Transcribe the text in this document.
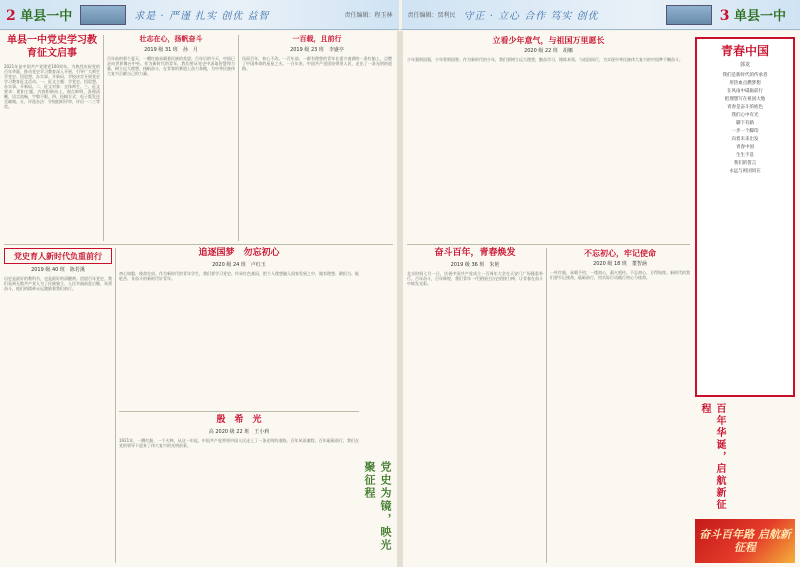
2 单县一中	求是 · 严谨 扎实 创优 益智	责任编辑：程玉林	责任编辑：贾利民 守正 · 立心 合作 笃实 创优	3 单县一中
单县一中党史学习教育征文启事
2021年是中国共产党建党100周年。为热烈庆祝党的百年华诞，推动党史学习教育深入开展，引导广大师生学党史、悟思想、办实事、开新局，学校决定开展党史学习教育征文活动。一、征文主题：学党史、悟思想、办实事、开新局。二、征文对象：全体师生。三、征文要求：紧扣主题，内容积极向上，观点鲜明，条理清晰，语言流畅，字数不限。四、投稿方式：电子版发送至邮箱。五、评选办法：学校组织评审，评出一二三等奖。
壮志在心，扬帆奋斗
2019 级 31 班　孙　月
百年前的那个夏天，一艘红船承载着民族的希望；百年后的今天，中国已走向世界舞台中央。作为新时代的青年，我们要从党史中汲取智慧和力量，树立远大理想，扬帆奋斗，在青春的赛道上奋力奔跑，为中华民族伟大复兴贡献自己的力量。
一百载，且前行
2019 级 23 班　李盛亭
风雨百年，初心不改。一百年前，一群有理想的青年在嘉兴南湖的一条红船上，点燃了中国革命的星星之火。一百年来，中国共产党团结带领人民，走出了一条光明的道路。
党史育人新时代负重前行
2019 级 40 班　陈若溪
历史是最好的教科书，也是最好的清醒剂。回望百年党史，我们看到无数共产党人为了民族独立、人民幸福前赴后继、英勇奋斗，他们的精神永远激励着我们前行。
追逐国梦　勿忘初心
2020 级 24 班　卢红玉
初心如磐，使命在肩。作为新时代的青年学生，我们要学习党史、传承红色基因，把个人理想融入国家发展之中，做有理想、敢担当、能吃苦、肯奋斗的新时代好青年。
殷　希　光
高 2020 级 22 班　王小莉
1921年，一艘红船，一个火种。从这一年起，中国共产党带领中国人民走上了一条光明的道路。百年风雨兼程，百年砥砺前行，我们在党的领导下迎来了伟大复兴的光明前景。
党史为镜，映光聚征程
奋斗百年，青春焕发
2019 级 36 班　朱艳
北京时间七月一日，庆祝中国共产党成立一百周年大会在天安门广场隆重举行。百年奋斗，百年辉煌，我们青年一代要接过历史的接力棒，让青春在奋斗中焕发光彩。
不忘初心，牢记使命
2020 级 18 班　董智涵
一叶红船，承载千钧；一缕初心，薪火相传。不忘初心，方得始终。新时代的我们要牢记使命，砥砺前行，用实际行动践行初心与使命。
立看少年意气，与祖国万里愿长
2020 级 22 班　胡娜
少年强则国强，少年智则国智。作为新时代的少年，我们要树立远大理想，勤奋学习，锤炼本领，与祖国同行，为实现中华民族伟大复兴的中国梦不懈奋斗。
青春中国
郭龙
我们是新时代的传承者
用热血点燃梦想
在风雨中砥砺前行
把理想写在祖国大地
青春是奋斗的底色
我们心中有光
脚下有路
一步一个脚印
向着未来出发
青春中国
生生不息
我们的誓言
永远与祖国同在
百年华诞，启航新征程
奋斗百年路 启航新征程
